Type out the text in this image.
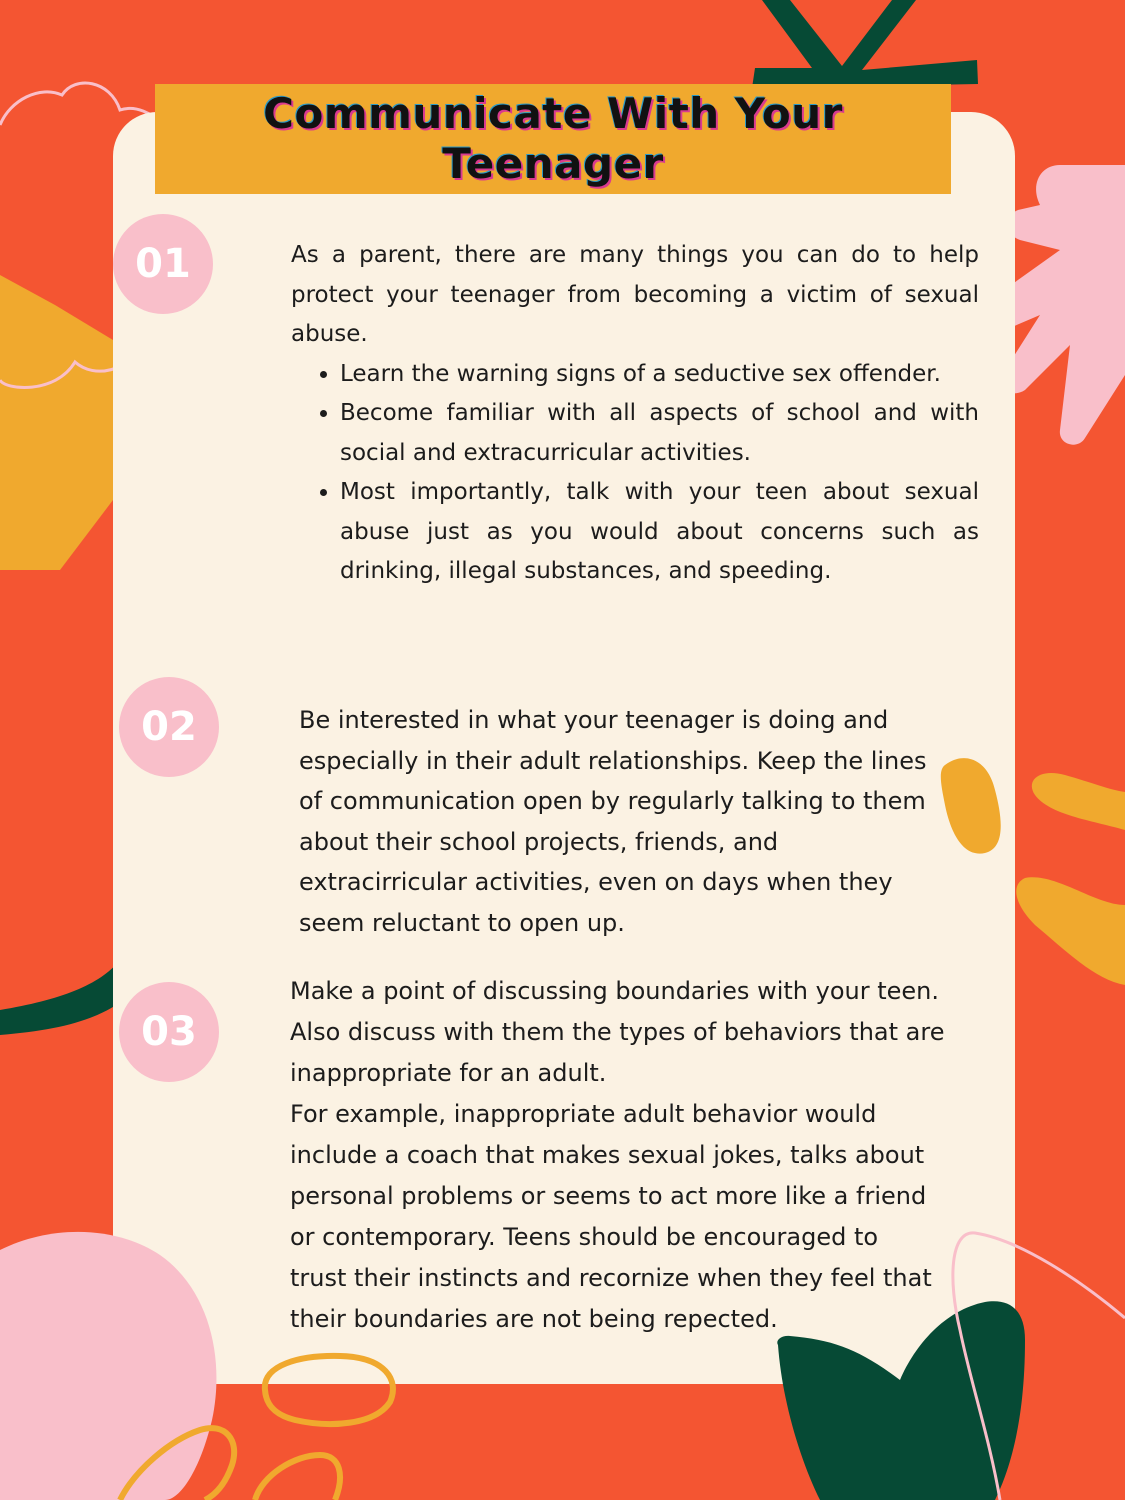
Communicate With Your Teenager
01
02
03

As a parent, there are many things you can do to help protect your teenager from becoming a victim of sexual abuse.

• Learn the warning signs of a seductive sex offender.
• Become familiar with all aspects of school and with social and extracurricular activities.
• Most importantly, talk with your teen about sexual abuse just as you would about concerns such as drinking, illegal substances, and speeding.
Be interested in what your teenager is doing and
especially in their adult relationships. Keep the lines
of communication open by regularly talking to them
about their school projects, friends, and
extracirricular activities, even on days when they
seem reluctant to open up.
Make a point of discussing boundaries with your teen.
Also discuss with them the types of behaviors that are
inappropriate for an adult.
For example, inappropriate adult behavior would
include a coach that makes sexual jokes, talks about
personal problems or seems to act more like a friend
or contemporary. Teens should be encouraged to
trust their instincts and recornize when they feel that
their boundaries are not being repected.
